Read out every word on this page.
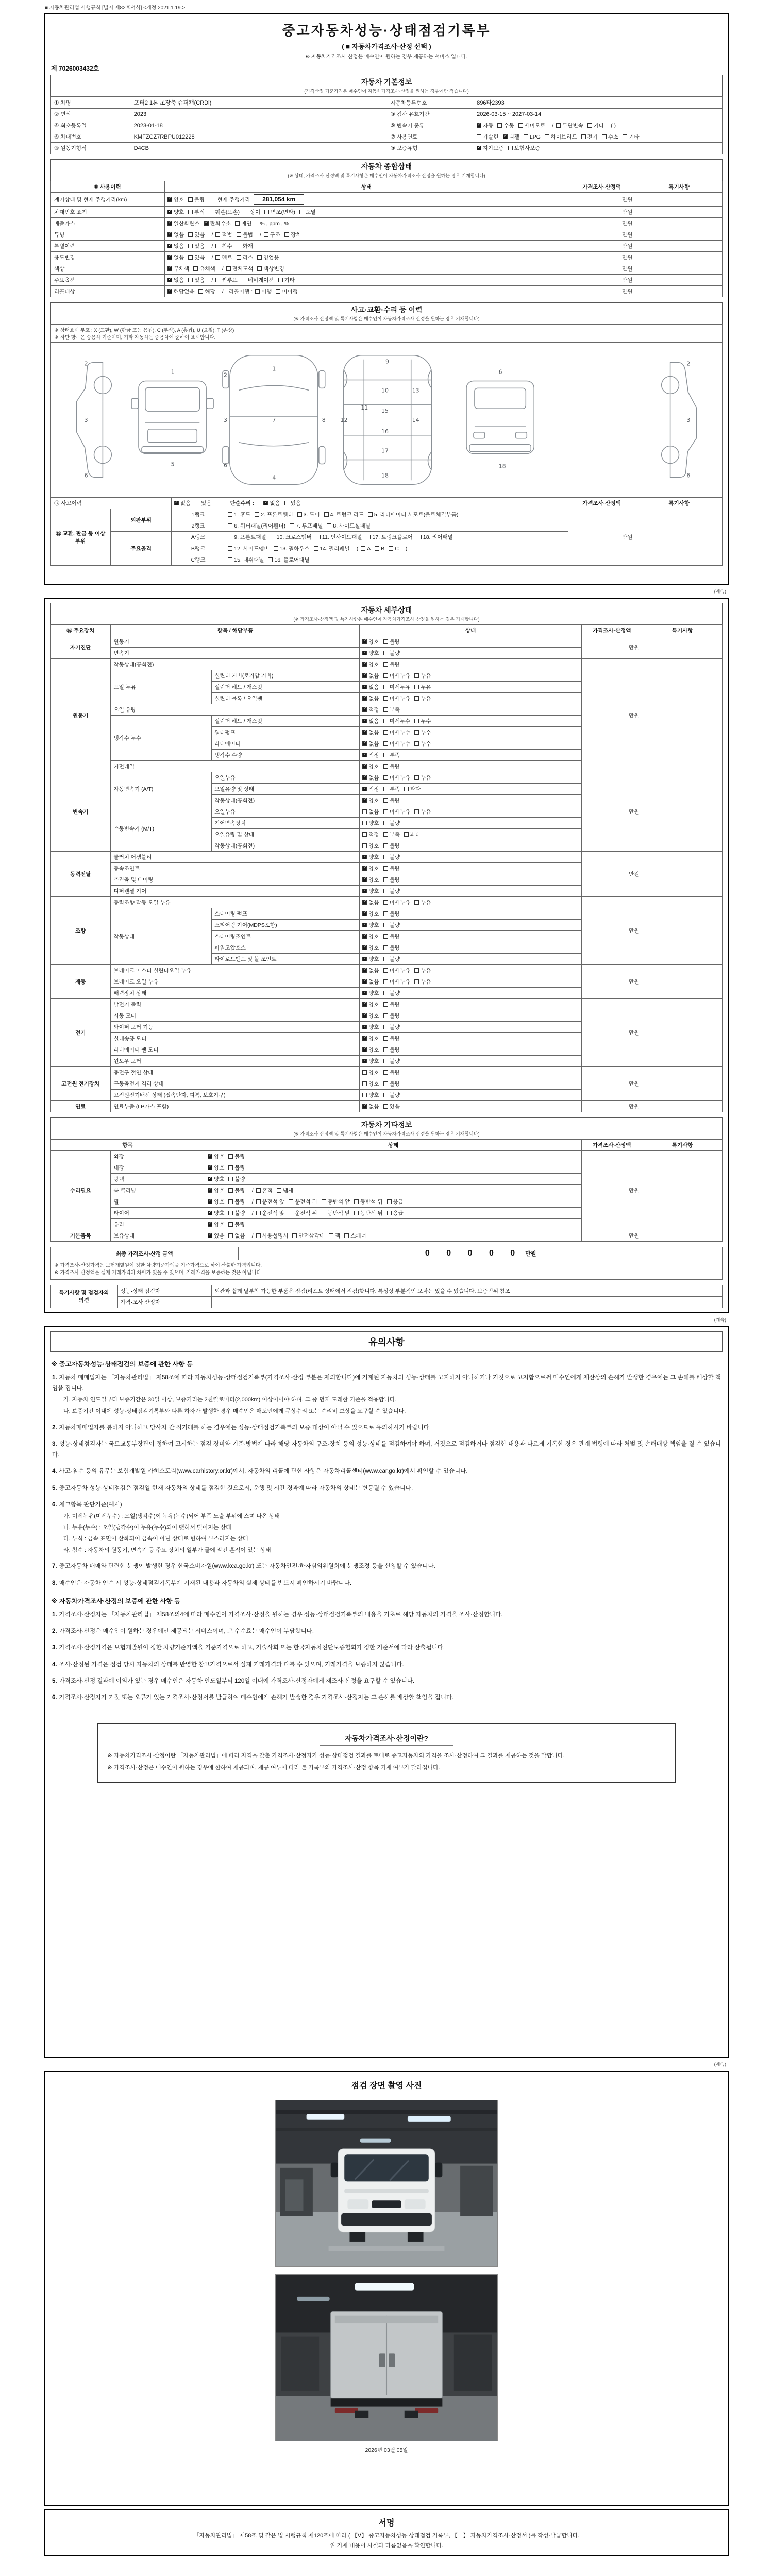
■ 자동차관리법 시행규칙 [별지 제82호서식] <개정 2021.1.19.>
중고자동차성능·상태점검기록부
( ■ 자동차가격조사·산정 선택 )
※ 자동차가격조사·산정은 매수인이 원하는 경우 제공하는 서비스 입니다.
제 7026003432호
자동차 기본정보
(가격산정 기준가격은 매수인이 자동차가격조사·산정을 원하는 경우에만 적습니다)
① 차명	포터2 1톤 초장축 슈퍼캡(CRDi)	자동차등록번호	896타2393
② 연식	2023	③ 검사 유효기간	2026-03-15 ~ 2027-03-14
④ 최초등록일	2023-01-18	⑤ 변속기 종류	✓자동 수동 세미오토 / 무단변속 기타 ( )
⑥ 차대번호	KMFZCZ7RBPU012228	⑦ 사용연료	가솔린 ✓ 디젤 LPG 하이브리드 전기 수소 기타
⑧ 원동기형식	D4CB	⑨ 보증유형	✓자가보증 보험사보증
자동차 종합상태
(※ 상태, 가격조사·산정액 및 특기사항은 매수인이 자동차가격조사·산정을 원하는 경우 기재합니다)
⑩ 사용이력	상태	가격조사·산정액	특기사항
계기상태 및 현재 주행거리(km)	✓양호 불량 현재 주행거리 281,054 km	만원	
차대번호 표기	✓양호 부식 훼손(오손) 상이 변조(변타) 도말	만원	
배출가스	✓일산화탄소 ✓ 탄화수소 매연 % , ppm , %	만원	
튜닝	✓없음 있음 / 적법 불법 / 구조 장치	만원	
특별이력	✓없음 있음 / 침수 화재	만원	
용도변경	✓없음 있음 / 렌트 리스 영업용	만원	
색상	✓무채색 유채색 / 전체도색 색상변경	만원	
주요옵션	✓없음 있음 / 썬루프 네비게이션 기타	만원	
리콜대상	✓해당없음 해당 / 리콜이행 : 이행 미이행	만원	
사고·교환·수리 등 이력
(※ 가격조사·산정액 및 특기사항은 매수인이 자동차가격조사·산정을 원하는 경우 기재합니다)
※ 상태표시 부호 : X (교환), W (판금 또는 용접), C (부식), A (흠집), U (요철), T (손상)
※ 하단 항목은 승용차 기준이며, 기타 자동차는 승용차에 준하여 표시합니다.
1
5
1
7
4
2
3
6
8
9
10
11
12
13
14
15
16
17
18
6
18
2
3
6
2
3
6
⑭ 사고이력	✓없음 있음 단순수리 : ✓ 없음 있음		가격조사·산정액	특기사항
⑮ 교환, 판금 등 이상 부위	외판부위	1랭크	1. 후드 2. 프론트휀더 3. 도어 4. 트렁크 리드 5. 라디에이터 서포트(볼트체결부품)	만원	
		2랭크	6. 쿼터패널(리어휀더) 7. 루프패널 8. 사이드실패널		
	주요골격	A랭크	9. 프론트패널 10. 크로스멤버 11. 인사이드패널 17. 트렁크플로어 18. 리어패널		
		B랭크	12. 사이드멤버 13. 휠하우스 14. 필러패널 ( A B C )		
		C랭크	15. 대쉬패널 16. 플로어패널		
(계속)
자동차 세부상태
(※ 가격조사·산정액 및 특기사항은 매수인이 자동차가격조사·산정을 원하는 경우 기재합니다)
⑯ 주요장치	항목 / 해당부품		상태	가격조사·산정액	특기사항
자기진단	원동기	✓양호 불량	만원	
	변속기	✓양호 불량
원동기	작동상태(공회전)	✓양호 불량	만원	
	오일 누유	실린더 커버(로커암 커버)	✓없음 미세누유 누유
		실린더 헤드 / 개스킷	✓없음 미세누유 누유
		실린더 블록 / 오일팬	✓없음 미세누유 누유
	오일 유량	✓적정 부족
	냉각수 누수	실린더 헤드 / 개스킷	✓없음 미세누수 누수
		워터펌프	✓없음 미세누수 누수
		라디에이터	✓없음 미세누수 누수
		냉각수 수량	✓적정 부족
	커먼레일	✓양호 불량
변속기	자동변속기 (A/T)	오일누유	✓없음 미세누유 누유	만원	
		오일유량 및 상태	✓적정 부족 과다
		작동상태(공회전)	✓양호 불량
	수동변속기 (M/T)	오일누유	없음 미세누유 누유		
		기어변속장치	양호 불량		
		오일유량 및 상태	적정 부족 과다		
		작동상태(공회전)	양호 불량		
동력전달	클러치 어셈블리	✓양호 불량	만원	
	등속조인트	✓양호 불량
	추진축 및 베어링	✓양호 불량
	디퍼렌셜 기어	✓양호 불량
조향	동력조향 작동 오일 누유	✓없음 미세누유 누유	만원	
	작동상태	스티어링 펌프	✓양호 불량
		스티어링 기어(MDPS포함)	✓양호 불량
		스티어링조인트	✓양호 불량
		파워고압호스	✓양호 불량
		타이로드엔드 및 볼 조인트	✓양호 불량
제동	브레이크 마스터 실린더오일 누유	✓없음 미세누유 누유	만원	
	브레이크 오일 누유	✓없음 미세누유 누유
	배력장치 상태	✓양호 불량
전기	발전기 출력	✓양호 불량	만원	
	시동 모터	✓양호 불량
	와이퍼 모터 기능	✓양호 불량
	실내송풍 모터	✓양호 불량
	라디에이터 팬 모터	✓양호 불량
	윈도우 모터	✓양호 불량
고전원 전기장치	충전구 절연 상태		양호 불량	만원	
	구동축전지 격리 상태		양호 불량		
	고전원전기배선 상태 (접속단자, 피복, 보호기구)		양호 불량		
연료	연료누출 (LP가스 포함)	✓없음 있음	만원	
자동차 기타정보
(※ 가격조사·산정액 및 특기사항은 매수인이 자동차가격조사·산정을 원하는 경우 기재합니다)
항목		상태	가격조사·산정액	특기사항
수리필요	외장	✓양호 불량	만원	
	내장	✓양호 불량
	광택	✓양호 불량
	룸 클리닝	✓양호 불량 / 흔적 냄새
	휠	✓양호 불량 / 운전석 앞 운전석 뒤 동반석 앞 동반석 뒤 응급
	타이어	✓양호 불량 / 운전석 앞 운전석 뒤 동반석 앞 동반석 뒤 응급
	유리	✓양호 불량
기본품목	보유상태	✓있음 없음 / 사용설명서 안전삼각대 잭 스패너	만원	
최종 가격조사·산정 금액	0 0 0 0 0 만원
※ 가격조사·산정가격은 보험개발원이 정한 차량기준가액을 기준가격으로 하여 산출한 가격입니다.
※ 가격조사·산정액은 실제 거래가격과 차이가 있을 수 있으며, 거래가격을 보증하는 것은 아닙니다.
특기사항 및 점검자의 의견	성능·상태 점검자	외관과 쉽게 탈부착 가능한 부품은 점검(리프트 상태에서 점검)합니다. 특성상 부분적인 오차는 있을 수 있습니다. 보증범위 참조
	가격·조사 산정자	
(계속)
유의사항
※ 중고자동차성능·상태점검의 보증에 관한 사항 등
1. 자동차 매매업자는 「자동차관리법」 제58조에 따라 자동차성능·상태점검기록부(가격조사·산정 부분은 제외합니다)에 기재된 자동차의 성능·상태를 고지하지 아니하거나 거짓으로 고지함으로써 매수인에게 재산상의 손해가 발생한 경우에는 그 손해를 배상할 책임을 집니다.
가. 자동차 인도일부터 보증기간은 30일 이상, 보증거리는 2천킬로미터(2,000km) 이상이어야 하며, 그 중 먼저 도래한 기준을 적용합니다.
나. 보증기간 이내에 성능·상태점검기록부와 다른 하자가 발생한 경우 매수인은 매도인에게 무상수리 또는 수리비 보상을 요구할 수 있습니다.
2. 자동차매매업자를 통하지 아니하고 당사자 간 직거래를 하는 경우에는 성능·상태점검기록부의 보증 대상이 아닐 수 있으므로 유의하시기 바랍니다.
3. 성능·상태점검자는 국토교통부장관이 정하여 고시하는 점검 장비와 기준·방법에 따라 해당 자동차의 구조·장치 등의 성능·상태를 점검하여야 하며, 거짓으로 점검하거나 점검한 내용과 다르게 기록한 경우 관계 법령에 따라 처벌 및 손해배상 책임을 질 수 있습니다.
4. 사고·침수 등의 유무는 보험개발원 카히스토리(www.carhistory.or.kr)에서, 자동차의 리콜에 관한 사항은 자동차리콜센터(www.car.go.kr)에서 확인할 수 있습니다.
5. 중고자동차 성능·상태점검은 점검일 현재 자동차의 상태를 점검한 것으로서, 운행 및 시간 경과에 따라 자동차의 상태는 변동될 수 있습니다.
6. 체크항목 판단기준(예시)
가. 미세누유(미세누수) : 오일(냉각수)이 누유(누수)되어 부품 노출 부위에 스며 나온 상태
나. 누유(누수) : 오일(냉각수)이 누유(누수)되어 맺혀서 떨어지는 상태
다. 부식 : 금속 표면이 산화되어 금속이 아닌 상태로 변하여 부스러지는 상태
라. 침수 : 자동차의 원동기, 변속기 등 주요 장치의 일부가 물에 잠긴 흔적이 있는 상태
7. 중고자동차 매매와 관련한 분쟁이 발생한 경우 한국소비자원(www.kca.go.kr) 또는 자동차안전·하자심의위원회에 분쟁조정 등을 신청할 수 있습니다.
8. 매수인은 자동차 인수 시 성능·상태점검기록부에 기재된 내용과 자동차의 실제 상태를 반드시 확인하시기 바랍니다.
※ 자동차가격조사·산정의 보증에 관한 사항 등
1. 가격조사·산정자는 「자동차관리법」 제58조의4에 따라 매수인이 가격조사·산정을 원하는 경우 성능·상태점검기록부의 내용을 기초로 해당 자동차의 가격을 조사·산정합니다.
2. 가격조사·산정은 매수인이 원하는 경우에만 제공되는 서비스이며, 그 수수료는 매수인이 부담합니다.
3. 가격조사·산정가격은 보험개발원이 정한 차량기준가액을 기준가격으로 하고, 기술사회 또는 한국자동차진단보증협회가 정한 기준서에 따라 산출됩니다.
4. 조사·산정된 가격은 점검 당시 자동차의 상태를 반영한 참고가격으로서 실제 거래가격과 다를 수 있으며, 거래가격을 보증하지 않습니다.
5. 가격조사·산정 결과에 이의가 있는 경우 매수인은 자동차 인도일부터 120일 이내에 가격조사·산정자에게 재조사·산정을 요구할 수 있습니다.
6. 가격조사·산정자가 거짓 또는 오류가 있는 가격조사·산정서를 발급하여 매수인에게 손해가 발생한 경우 가격조사·산정자는 그 손해를 배상할 책임을 집니다.
자동차가격조사·산정이란?
※ 자동차가격조사·산정이란 「자동차관리법」에 따라 자격을 갖춘 가격조사·산정자가 성능·상태점검 결과를 토대로 중고자동차의 가격을 조사·산정하여 그 결과를 제공하는 것을 말합니다.
※ 가격조사·산정은 매수인이 원하는 경우에 한하여 제공되며, 제공 여부에 따라 본 기록부의 가격조사·산정 항목 기재 여부가 달라집니다.
(계속)
점검 장면 촬영 사진
2026년 03월 05일
서명
「자동차관리법」 제58조 및 같은 법 시행규칙 제120조에 따라 ( 【Ⅴ】 중고자동차성능·상태점검 기록부, 【　】 자동차가격조사·산정서 )를 작성·발급합니다.
위 기재 내용이 사실과 다름없음을 확인합니다.
